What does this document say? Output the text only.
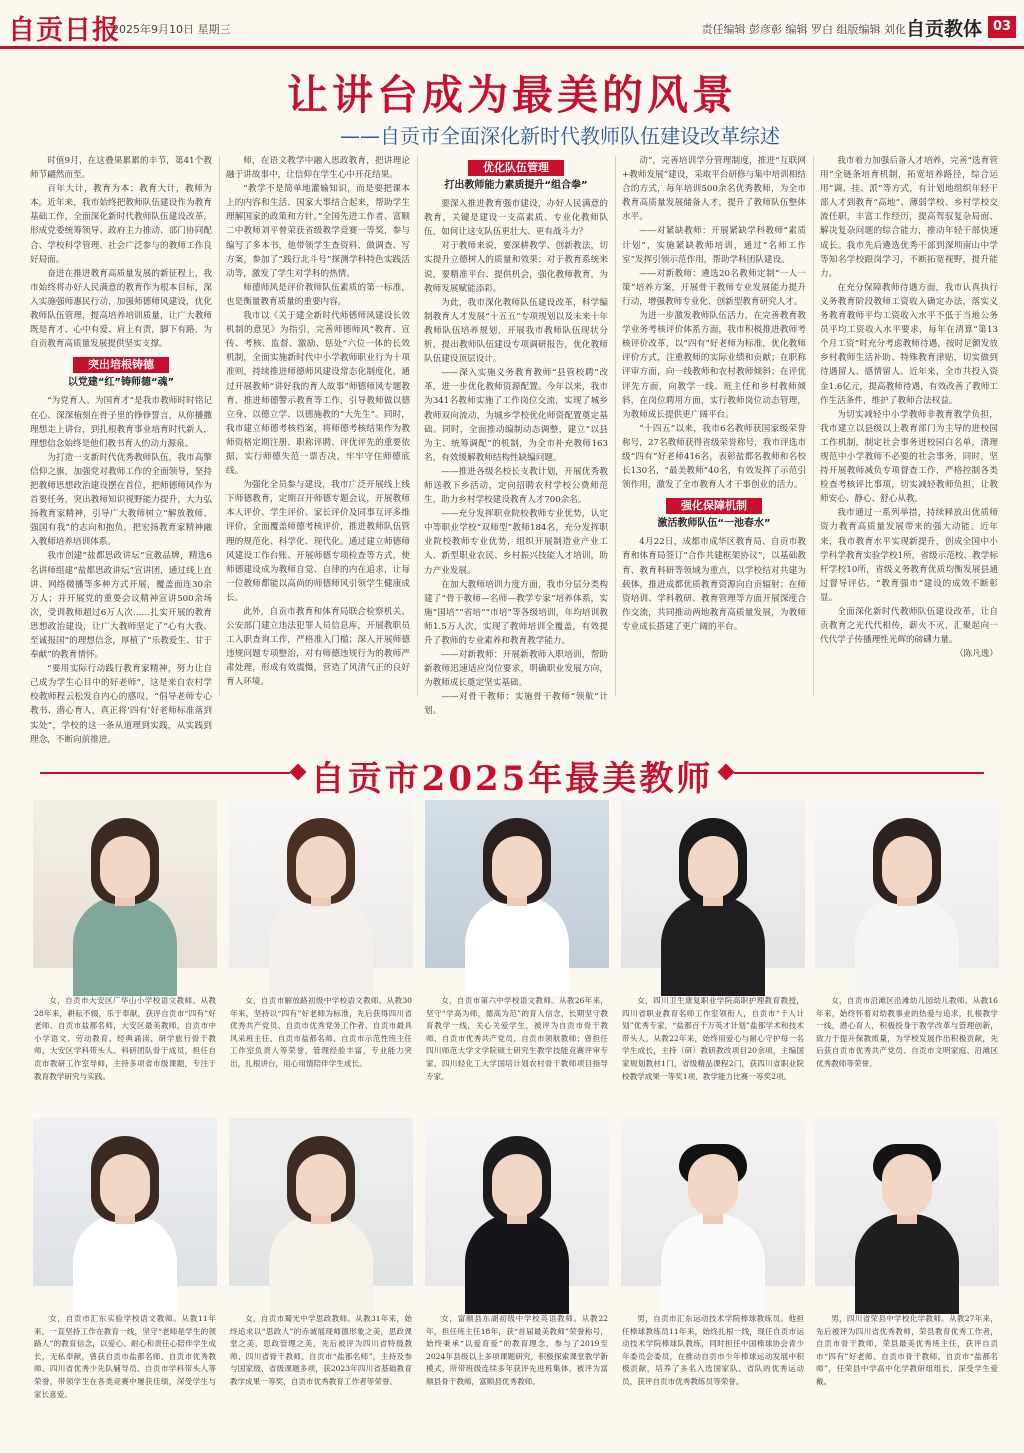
自贡日报
2025年9月10日 星期三	责任编辑 彭彦彰 编辑 罗白 组版编辑 刘化 自贡教体 03
让讲台成为最美的风景
——自贡市全面深化新时代教师队伍建设改革综述

时值9月，在这叠果累累的丰节，第41个教师节翩然而至。

百年大计，教育为本；教育大计，教师为本。近年来，我市始终把教师队伍建设作为教育基础工作，全面深化新时代教师队伍建设改革，形成党委统筹领导、政府主力推动、部门协同配合、学校科学管理、社会广泛参与的教师工作良好局面。

奋进在推进教育高质量发展的新征程上，我市始终将办好人民满意的教育作为根本目标，深入实施强师惠民行动，加强师德师风建设，优化教师队伍管理，提高培养培训质量，让广大教师既是育才、心中有爱、肩上有责，脚下有路，为自贡教育高质量发展提供坚实支撑。

突出培根铸德
以党建“红”铸师德“魂”

“为党育人、为国育才”是我市教师时时铭记在心、深深植刻在骨子里的铮铮誓言，从你播撒理想走上讲台，到扎根教育事业培育时代新人，理想信念始终是他们教书育人的动力源泉。

为打造一支新时代优秀教师队伍，我市高擎信仰之旗，加强党对教师工作的全面领导，坚持把教师思想政治建设摆在首位，把师德师风作为首要任务，突出教师知识视野能力提升，大力弘扬教育家精神，引导广大教师树立“解放教师、强国有我”的志向和抱负，把宏扬教育家精神融入教师培养培训体系。

我市创建“盐都思政讲坛”宣教品牌，精选6名讲师组建“盐都思政讲坛”宣讲团，通过线上直讲、网络微播等多种方式开展，覆盖面连30余万人；并开展党的重要会议精神宣讲500余场次，受训教师超过6万人次……扎实开展的教育思想政治建设，让广大教师坚定了“心有大我、至诚报国”的理想信念，厚植了“乐教爱生、甘于奉献”的教育情怀。

“要用实际行动践行教育家精神，努力让自己成为学生心目中的好老师”，这是来自农村学校教师程云松发自内心的感叹，“倡导老师专心教书、潜心育人，真正将‘四有’好老师标准落到实处”，学校的这一条从道理到实践，从实践到理念，不断向前推进。

师，在语文教学中融入思政教育，把讲理论融于讲故事中，让信仰在学生心中开花结果。

“教学不是简单地灌输知识，而是要把课本上的内容和生活、国家大事结合起来，帮助学生理解国家的政策和方针。”全国先进工作者、富顺二中教师刘平曾荣获省级教学竞赛一等奖，参与编写了多本书，他带领学生查资料、做调查、写方案，参加了“践行北斗号”探测学科特色实践活动等，激发了学生对学科的热情。

师德师风是评价教师队伍素质的第一标准，也是衡量教育质量的重要内容。

我市以《关于建全新时代师德师风建设长效机制的意见》为指引，完善师德师风“教育、宣传、考核、监督、激励、惩处”六位一体的长效机制，全面实施新时代中小学教师职业行为十项准则，持续推进师德师风建设常态化制度化，通过开展教师“讲好我的育人故事”师德师风专题教育、推进师德警示教育等工作，引导教师做以德立身、以德立学、以德施教的“大先生”。同时，我市建立师德考核档案，将师德考核结果作为教师资格定期注册、职称评聘、评优评先的重要依据，实行师德失范一票否决，牢牢守住师德底线。

为强化全员参与建设，我市广泛开展线上线下师德教育，定期召开师德专题会议，开展教师本人评价、学生评价、家长评价及同事互评多维评价，全面覆盖师德考核评价，推进教师队伍管理的规范化、科学化、现代化。通过建立师德师风建设工作台账、开展师德专项检查等方式，使师德建设成为教师自觉、自律的内在追求，让每一位教师都能以高尚的师德师风引领学生健康成长。

此外，自贡市教育和体育局联合检察机关、公安部门建立违法犯罪人员信息库，开展教职员工入职查询工作，严格准入门槛；深入开展师德违规问题专项整治，对有师德违规行为的教师严肃处理，形成有效震慑，营造了风清气正的良好育人环境。

优化队伍管理
打出教师能力素质提升“组合拳”

要深入推进教育强市建设，办好人民满意的教育，关键是建设一支高素质、专业化教师队伍，如何让这支队伍更壮大、更有战斗力？

对于教师来说，要深耕教学、创新教法，切实提升立德树人的质量和效果；对于教育系统来说，要精准平台、提供机会，强化教师教育，为教师发展赋能添彩。

为此，我市深化教师队伍建设改革，科学编制教育人才发展“十五五”专项规划以及未来十年教师队伍培养规划，开展我市教师队伍现状分析，提出教师队伍建设专项调研报告，优化教师队伍建设顶层设计。

——深入实施义务教育教师“县管校聘”改革，进一步优化教师资源配置。今年以来，我市为341名教师实施了工作岗位交流，实现了城乡教师双向流动，为城乡学校优化师资配置奠定基础。同时，全面推动编制动态调整，建立“以县为主、统筹调配”的机制，为全市补充教师163名，有效缓解教师结构性缺编问题。

——推进各级名校长支教计划，开展优秀教师送教下乡活动，定向招聘农村学校公费师范生，助力乡村学校建设教育人才700余名。

——充分发挥职业院校教师专业优势，认定中等职业学校“双师型”教师184名，充分发挥职业院校教师专业优势，组织开展制造业产业工人、新型职业农民、乡村振兴技能人才培训，助力产业发展。

在加大教师培训力度方面，我市分层分类构建了“骨干教师—名师—教学专家”培养体系，实施“国培”“省培”“市培”等各级培训，年均培训教师1.5万人次，实现了教师培训全覆盖，有效提升了教师的专业素养和教育教学能力。

——对新教师：开展新教师入职培训，帮助新教师迅速适应岗位要求，明确职业发展方向，为教师成长奠定坚实基础。

——对骨干教师：实施骨干教师“领航”计划。

动”，完善培训学分管理制度，推进“互联网+教师发展”建设，采取平台研修与集中培训相结合的方式，每年培训500余名优秀教师，为全市教育高质量发展储备人才，提升了教师队伍整体水平。

——对紧缺教师：开展紧缺学科教师“素质计划”，实施紧缺教师培训，通过“名师工作室”发挥引领示范作用，帮助学科团队建设。

——对新教师：遴选20名教师定制“一人一策”培养方案，开展骨干教师专业发展能力提升行动，增强教师专业化、创新型教育研究人才。

为进一步激发教师队伍活力，在完善教育教学业务考核评价体系方面，我市积极推进教师考核评价改革，以“四有”好老师为标准，优化教师评价方式，注重教师的实际业绩和贡献；在职称评审方面，向一线教师和农村教师倾斜；在评优评先方面，向教学一线、班主任和乡村教师倾斜，在岗位聘用方面，实行教师岗位动态管理，为教师成长提供更广阔平台。

“十四五”以来，我市6名教师获国家级荣誉称号，27名教师获得省级荣誉称号，我市评选市级“四有”好老师416名，表彰盐都名教师和名校长130名，“最美教师”40名，有效发挥了示范引领作用，激发了全市教育人才干事创业的活力。

强化保障机制
激活教师队伍“一池春水”

4月22日，成都市成华区教育局、自贡市教育和体育局签订“合作共建框架协议”，以基础教育、教育科研等领域为重点，以学校结对共建为载体，推进成都优质教育资源向自贡辐射；在师资培训、学科教研、教育管理等方面开展深度合作交流，共同推动两地教育高质量发展，为教师专业成长搭建了更广阔的平台。

我市着力加强后备人才培养，完善“选育管用”全链条培育机制，拓宽培养路径，综合运用“调、挂、派”等方式，有计划地组织年轻干部人才到教育“高地”、薄弱学校、乡村学校交流任职，丰富工作经历，提高驾驭复杂局面、解决复杂问题的综合能力，推动年轻干部快速成长。我市先后遴选优秀干部到深圳南山中学等知名学校跟岗学习，不断拓宽视野，提升能力。

在充分保障教师待遇方面，我市认真执行义务教育阶段教师工资收入确定办法，落实义务教育教师平均工资收入水平不低于当地公务员平均工资收入水平要求，每年在清算“第13个月工资”时充分考虑教师待遇，按时足额发放乡村教师生活补助、特殊教育津贴，切实做到待遇留人、感情留人。近年来，全市共投入资金1.6亿元，提高教师待遇，有效改善了教师工作生活条件，维护了教师合法权益。

为切实减轻中小学教师非教育教学负担，我市建立以县级以上教育部门为主导的进校园工作机制，制定社会事务进校园白名单，清理规范中小学教师不必要的社会事务，同时，坚持开展教师减负专项督查工作，严格控制各类检查考核评比事项，切实减轻教师负担，让教师安心、静心、舒心从教。

我市通过一系列举措，持续释放出优质师资力教育高质量发展带来的强大动能。近年来，我市教育水平实现新提升，创成全国中小学科学教育实验学校1所，省级示范校、教学标杆学校10所，省级义务教育优质均衡发展县通过督导评估，“教育强市”建设的成效不断彰显。

全面深化新时代教师队伍建设改革，让自贡教育之光代代相传，薪火不灭，汇聚起向一代代学子传播理性光辉的磅礴力量。

（陈凡逸）
自贡市2025年最美教师

女，自贡市大安区广华山小学校语文教师。从教28年来，耕耘不辍，乐于奉献，获评自贡市“四有”好老师、自贡市盐都名师，大安区最美教师，自贡市中小学语文、劳动教育、经典诵读、研学旅行骨干教师，大安区学科带头人、科研团队骨干成员，担任自贡市教研工作室导师，主持多项省市级课题，专注于教育教学研究与实践。

女，自贡市解放路初级中学校语文教师。从教30年来，坚持以“四有”好老师为标准，先后获得四川省优秀共产党员、自贡市优秀党务工作者、自贡市最具风采班主任、自贡市盐都名师、自贡市示范性班主任工作室负责人等荣誉，管理经验丰富，专业能力突出，扎根讲台，用心用情陪伴学生成长。

女，自贡市第六中学校语文教师。从教26年来，坚守“学高为师，德高为范”的育人信念，长期坚守教育教学一线，关心关爱学生，被评为自贡市骨干教师、自贡市优秀共产党员、自贡市领航教师；曾担任四川师范大学文学院硕士研究生教学技能竞赛评审专家，四川轻化工大学国培计划农村骨干教师项目指导专家。

女，四川卫生康复职业学院高职护理教育教授，四川省职业教育名师工作室领衔人，自贡市“千人计划”优秀专家，“盐都百千万英才计划”盐都学术和技术带头人。从教22年来，始终用爱心与耐心守护每一名学生成长，主持（研）教研教改项目20余项，主编国家规划教材1门，省级精品课程2门，获四川省职业院校教学成果一等奖1项、教学能力比赛一等奖2项。

女，自贡市沿滩区沿滩幼儿园幼儿教师。从教16年来，始终怀着对幼教事业的热爱与追求，扎根教学一线，潜心育人，积极投身于教学改革与管理创新，致力于提升保教质量，为学校发展作出积极贡献，先后获自贡市优秀共产党员、自贡市文明家庭、沿滩区优秀教师等荣誉。

女，自贡市汇东实验学校语文教师。从教11年来，一直坚持工作在教育一线，坚守“老师是学生的领路人”的教育信念，以爱心、耐心和责任心陪伴学生成长，无私奉献，曾获自贡市盐都名师、自贡市优秀教师、四川省优秀少先队辅导员、自贡市学科带头人等荣誉，带领学生在各类竞赛中屡获佳绩，深受学生与家长喜爱。

女，自贡市蜀光中学思政教师。从教31年来，始终追求以“思政人”的赤诚展现师德形象之美，思政课堂之美，思政管理之美，先后被评为四川省特级教师、四川省骨干教师、自贡市“盐都名师”，主持及参与国家级、省级课题多项，获2023年四川省基础教育教学成果一等奖，自贡市优秀教育工作者等荣誉。

女，富顺县东湖初级中学校英语教师。从教22年，担任班主任18年，获“首届最美教师”荣誉称号，始终秉承“以爱育爱”的教育理念，参与了2019至2024年县级以上多项课题研究，积极探索课堂教学新模式，所带班级连续多年获评先进班集体，被评为富顺县骨干教师，富顺县优秀教师。

男，自贡市汇东运动技术学院棒球教练员。他担任棒球教练员11年来，始终扎根一线，现任自贡市运动技术学院棒球队教练，同时担任中国棒球协会青少年委员会委员，在推动自贡市少年棒球运动发展中积极贡献，培养了多名入选国家队、省队的优秀运动员，获评自贡市优秀教练员等荣誉。

男，四川省荣县中学校化学教师。从教27年来，先后被评为四川省优秀教师，荣县教育优秀工作者，自贡市骨干教师，荣县最美优秀班主任，获评自贡市“四有”好老师、自贡市骨干教师、自贡市“盐都名师”，任荣县中学高中化学教研组组长，深受学生爱戴。
